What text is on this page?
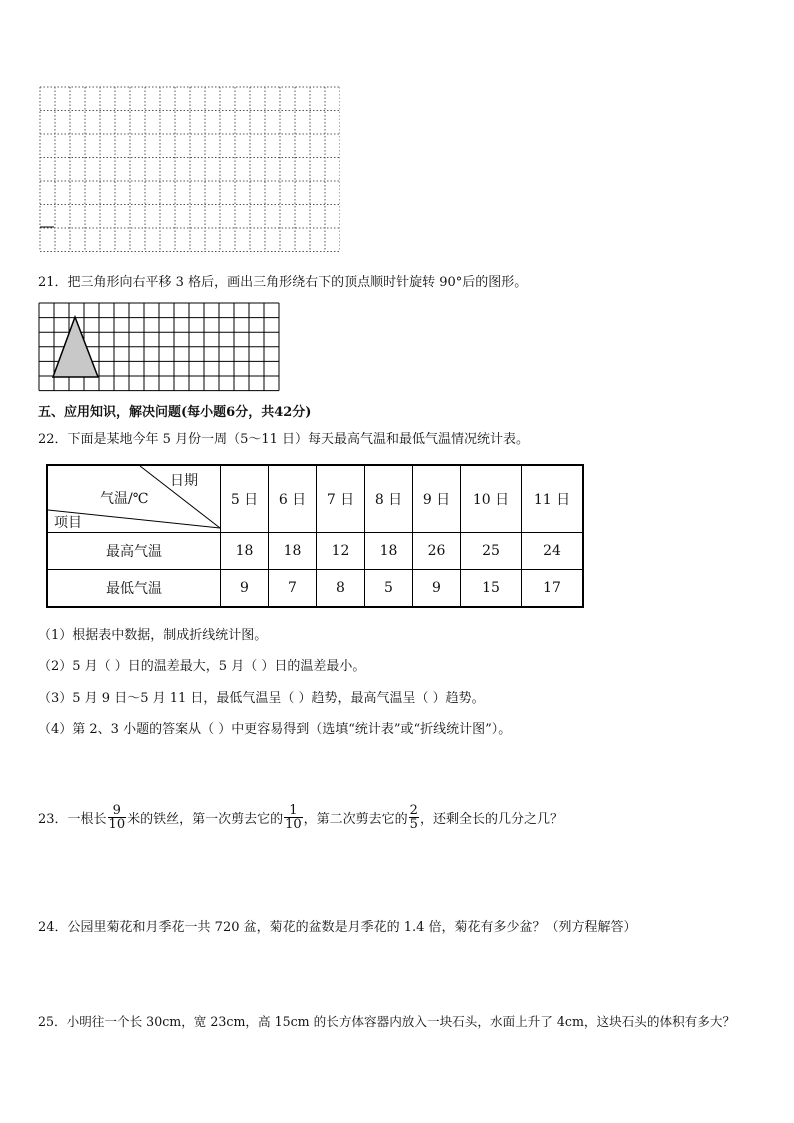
21．把三角形向右平移 3 格后，画出三角形绕右下的顶点顺时针旋转 90°后的图形。
五、应用知识，解决问题(每小题6分，共42分)
22．下面是某地今年 5 月份一周（5～11 日）每天最高气温和最低气温情况统计表。
日期
气温/℃
项目	5 日	6 日	7 日	8 日	9 日	10 日	11 日
最高气温	18	18	12	18	26	25	24
最低气温	9	7	8	5	9	15	17
（1）根据表中数据，制成折线统计图。
（2）5 月（ ）日的温差最大，5 月（ ）日的温差最小。
（3）5 月 9 日～5 月 11 日，最低气温呈（ ）趋势，最高气温呈（ ）趋势。
（4）第 2、3 小题的答案从（ ）中更容易得到（选填“统计表”或“折线统计图”）。
23．一根长 $\frac{9}{10}$ 米的铁丝，第一次剪去它的 $\frac{1}{10}$ ，第二次剪去它的 $\frac{2}{5}$ ，还剩全长的几分之几？
24．公园里菊花和月季花一共 720 盆，菊花的盆数是月季花的 1.4 倍，菊花有多少盆？（列方程解答）
25．小明往一个长 30cm，宽 23cm，高 15cm 的长方体容器内放入一块石头，水面上升了 4cm，这块石头的体积有多大？
